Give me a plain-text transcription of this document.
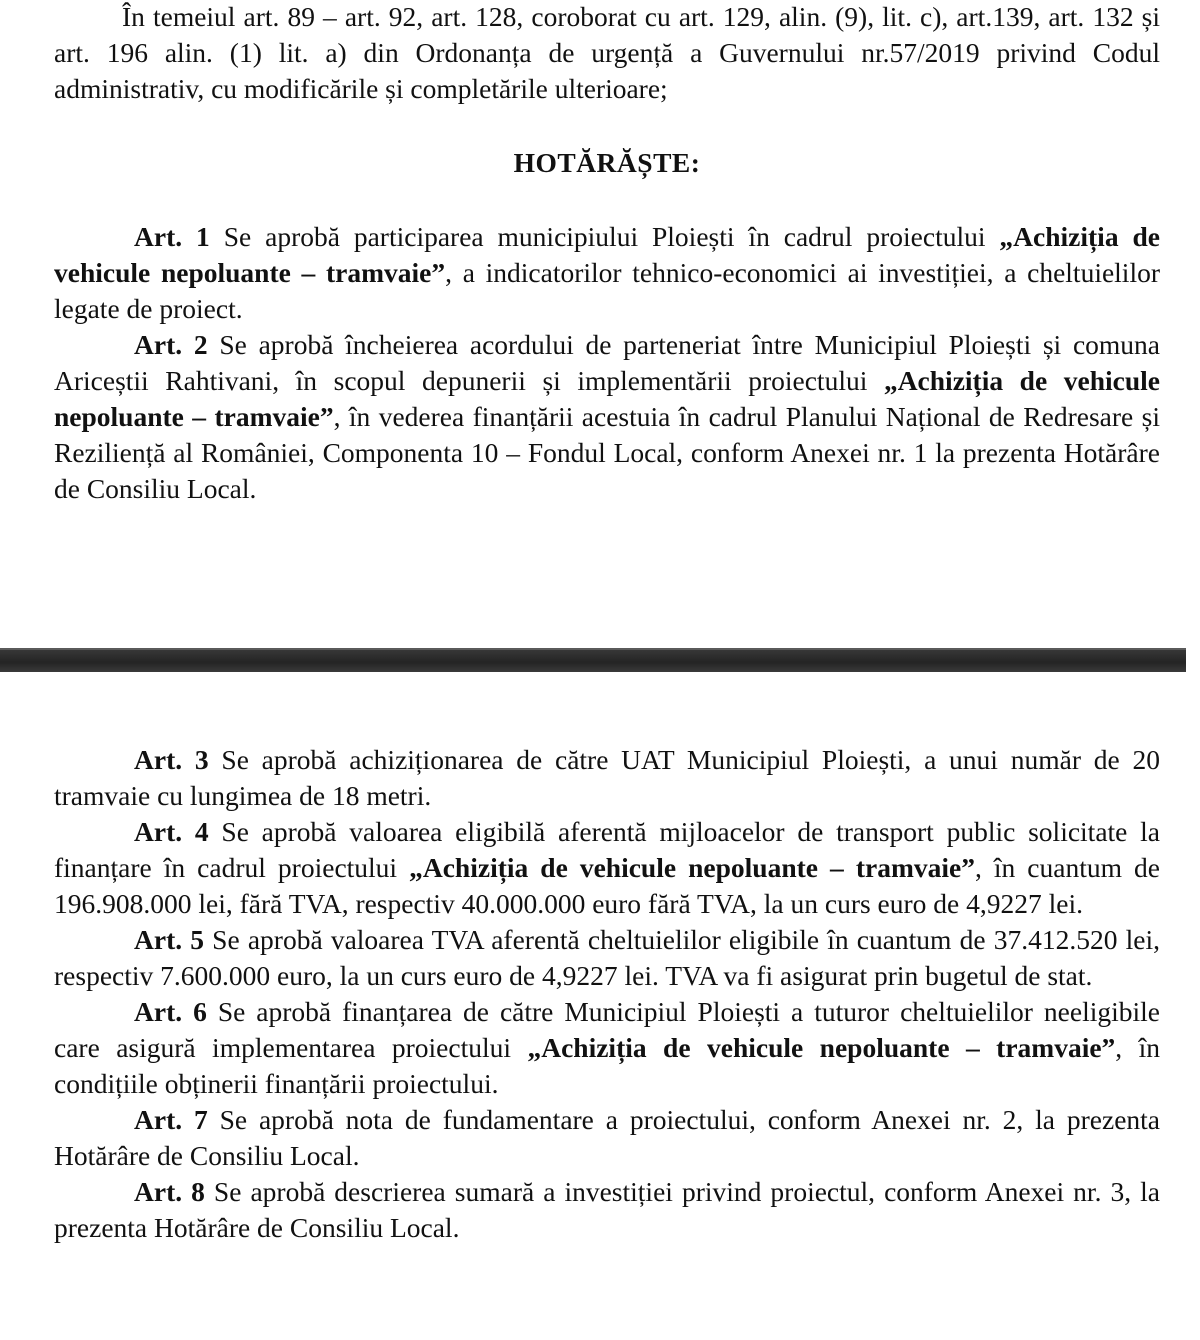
În temeiul art. 89 – art. 92, art. 128, coroborat cu art. 129, alin. (9), lit. c), art.139, art. 132 și art. 196 alin. (1) lit. a) din Ordonanța de urgență a Guvernului nr.57/2019 privind Codul administrativ, cu modificările și completările ulterioare;

HOTĂRĂȘTE:

Art. 1 Se aprobă participarea municipiului Ploiești în cadrul proiectului „Achiziția de vehicule nepoluante – tramvaie”, a indicatorilor tehnico-economici ai investiției, a cheltuielilor legate de proiect.

Art. 2 Se aprobă încheierea acordului de parteneriat între Municipiul Ploiești și comuna Ariceștii Rahtivani, în scopul depunerii și implementării proiectului „Achiziția de vehicule nepoluante – tramvaie”, în vederea finanțării acestuia în cadrul Planului Național de Redresare și Reziliență al României, Componenta 10 – Fondul Local, conform Anexei nr. 1 la prezenta Hotărâre de Consiliu Local.

Art. 3 Se aprobă achiziționarea de către UAT Municipiul Ploiești, a unui număr de 20 tramvaie cu lungimea de 18 metri.

Art. 4 Se aprobă valoarea eligibilă aferentă mijloacelor de transport public solicitate la finanțare în cadrul proiectului „Achiziția de vehicule nepoluante – tramvaie”, în cuantum de 196.908.000 lei, fără TVA, respectiv 40.000.000 euro fără TVA, la un curs euro de 4,9227 lei.

Art. 5 Se aprobă valoarea TVA aferentă cheltuielilor eligibile în cuantum de 37.412.520 lei, respectiv 7.600.000 euro, la un curs euro de 4,9227 lei. TVA va fi asigurat prin bugetul de stat.

Art. 6 Se aprobă finanțarea de către Municipiul Ploiești a tuturor cheltuielilor neeligibile care asigură implementarea proiectului „Achiziția de vehicule nepoluante – tramvaie”, în condițiile obținerii finanțării proiectului.

Art. 7 Se aprobă nota de fundamentare a proiectului, conform Anexei nr. 2, la prezenta Hotărâre de Consiliu Local.

Art. 8 Se aprobă descrierea sumară a investiției privind proiectul, conform Anexei nr. 3, la prezenta Hotărâre de Consiliu Local.
